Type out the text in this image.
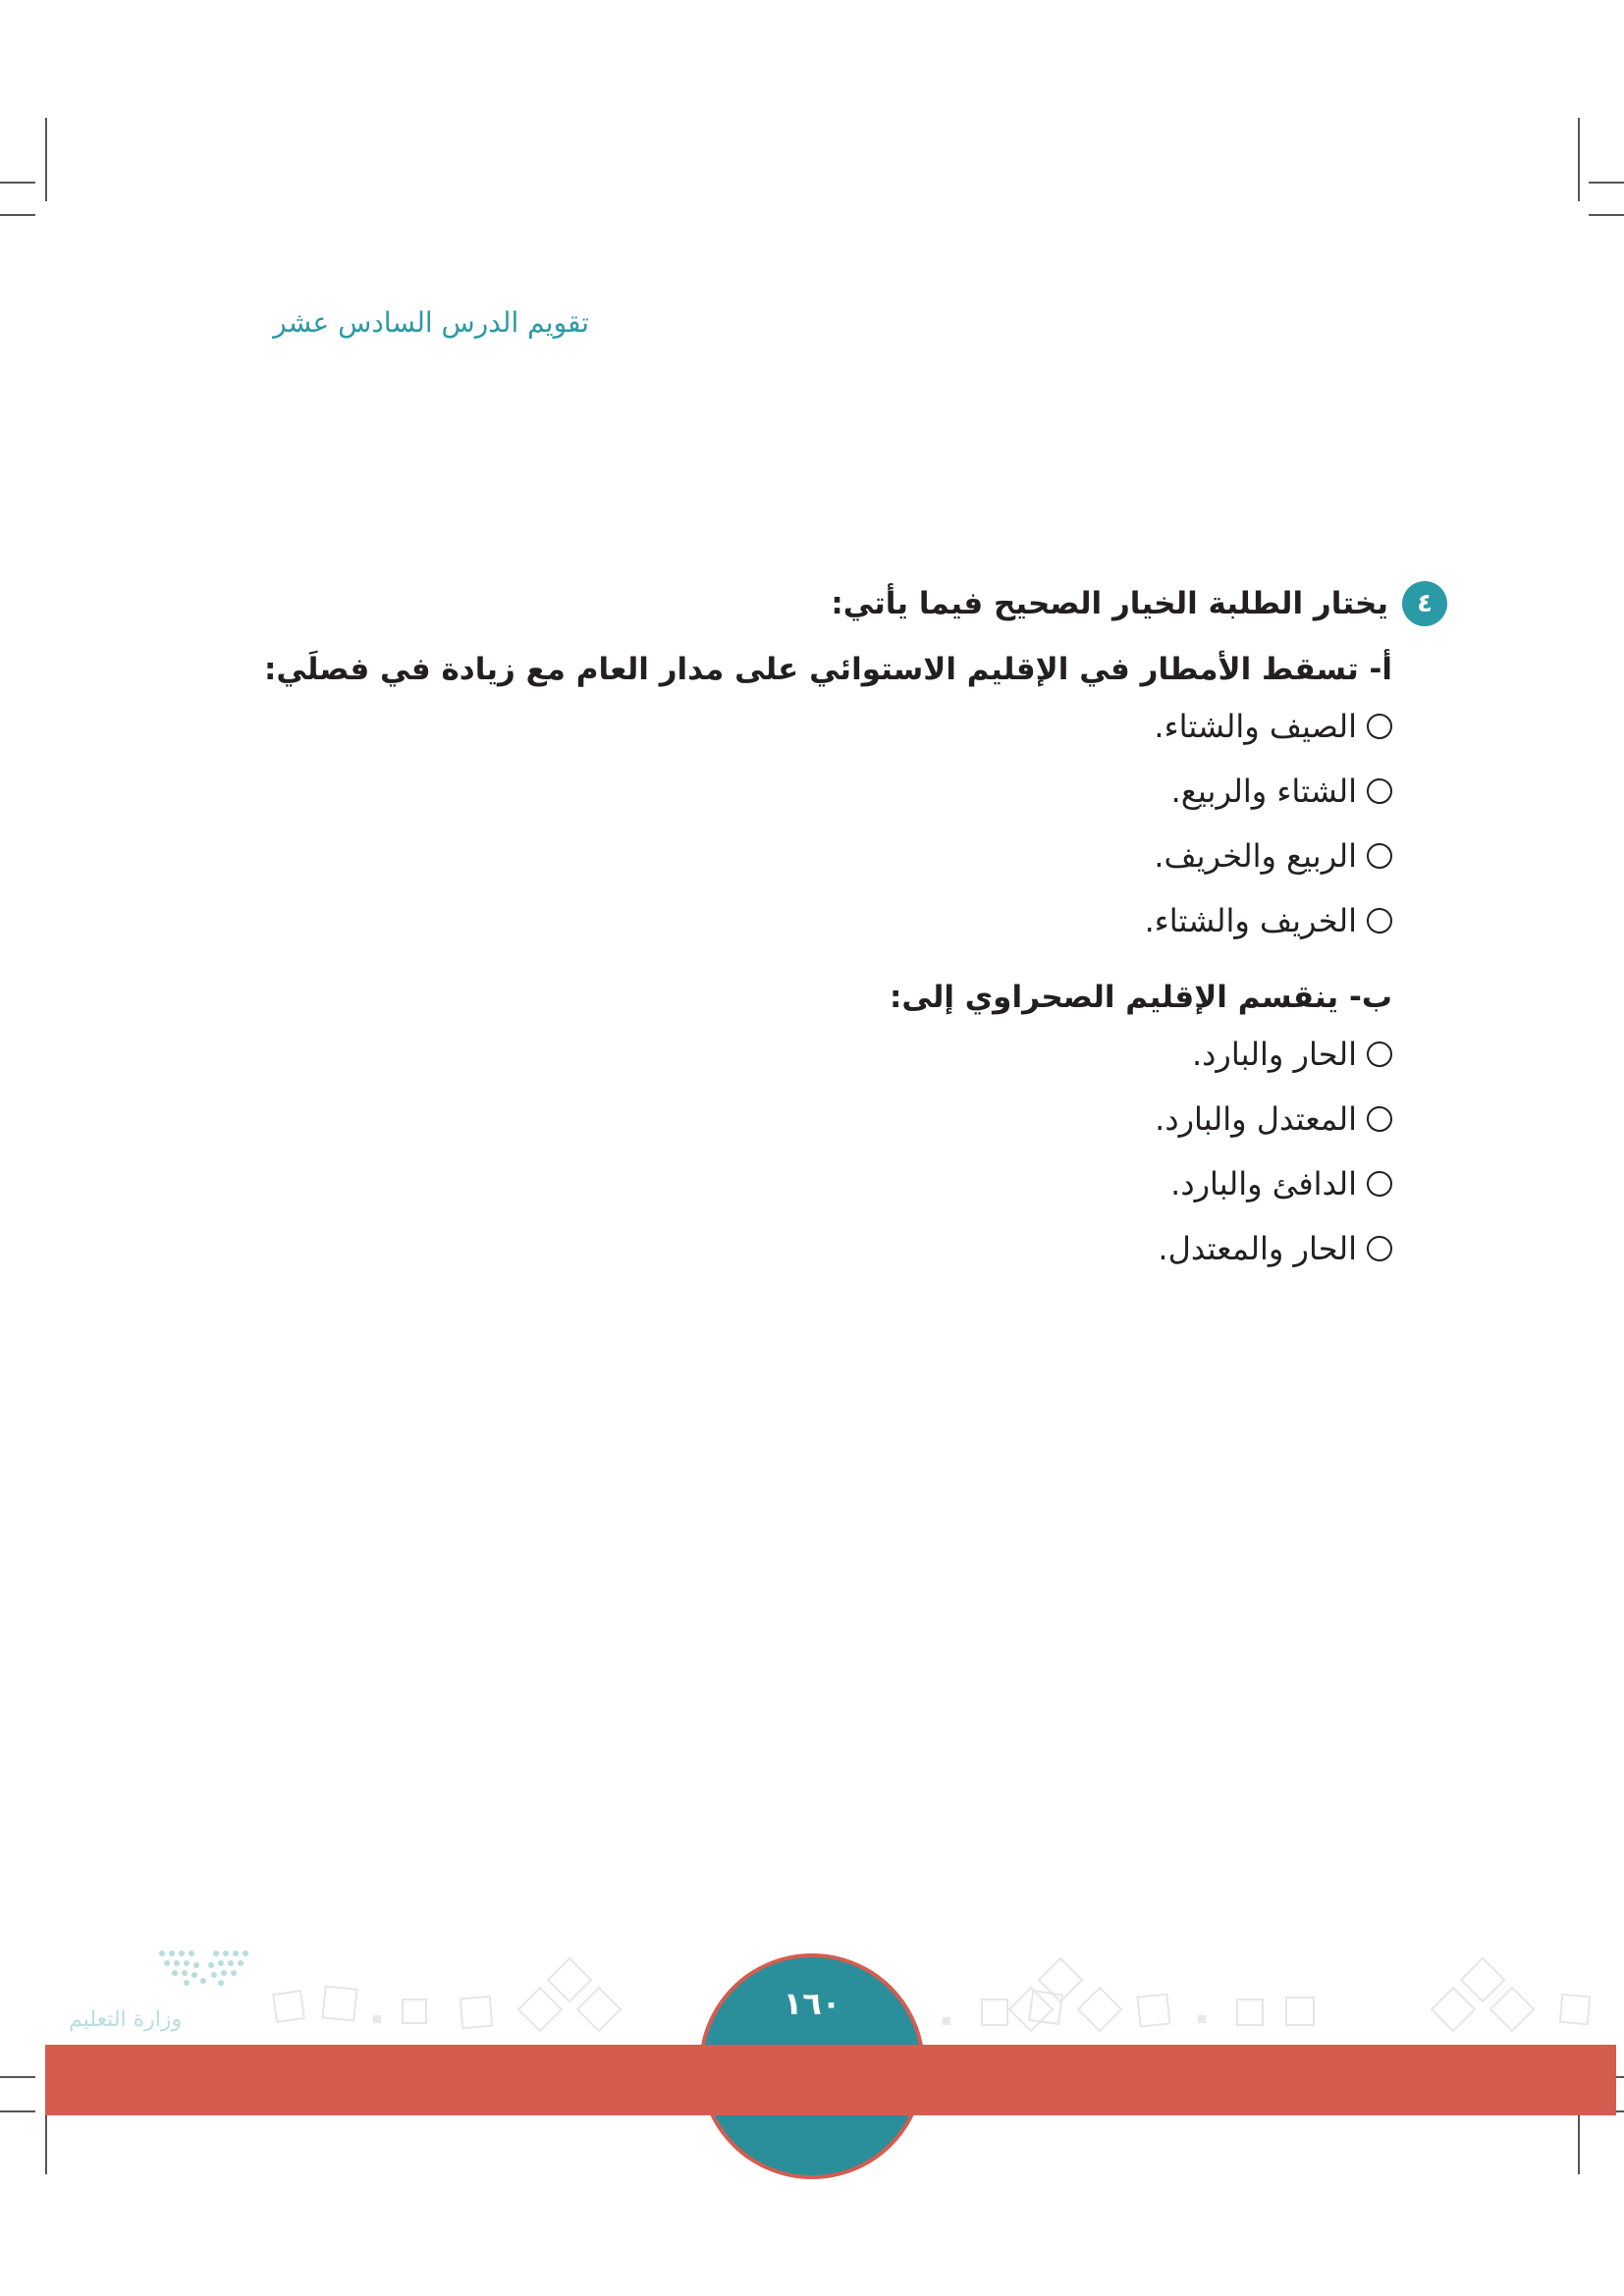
تقويم الدرس السادس عشر
٤
يختار الطلبة الخيار الصحيح فيما يأتي:
أ- تسقط الأمطار في الإقليم الاستوائي على مدار العام مع زيادة في فصلَي:
الصيف والشتاء.
الشتاء والربيع.
الربيع والخريف.
الخريف والشتاء.
ب- ينقسم الإقليم الصحراوي إلى:
الحار والبارد.
المعتدل والبارد.
الدافئ والبارد.
الحار والمعتدل.
وزارة التعليم	١٦٠
